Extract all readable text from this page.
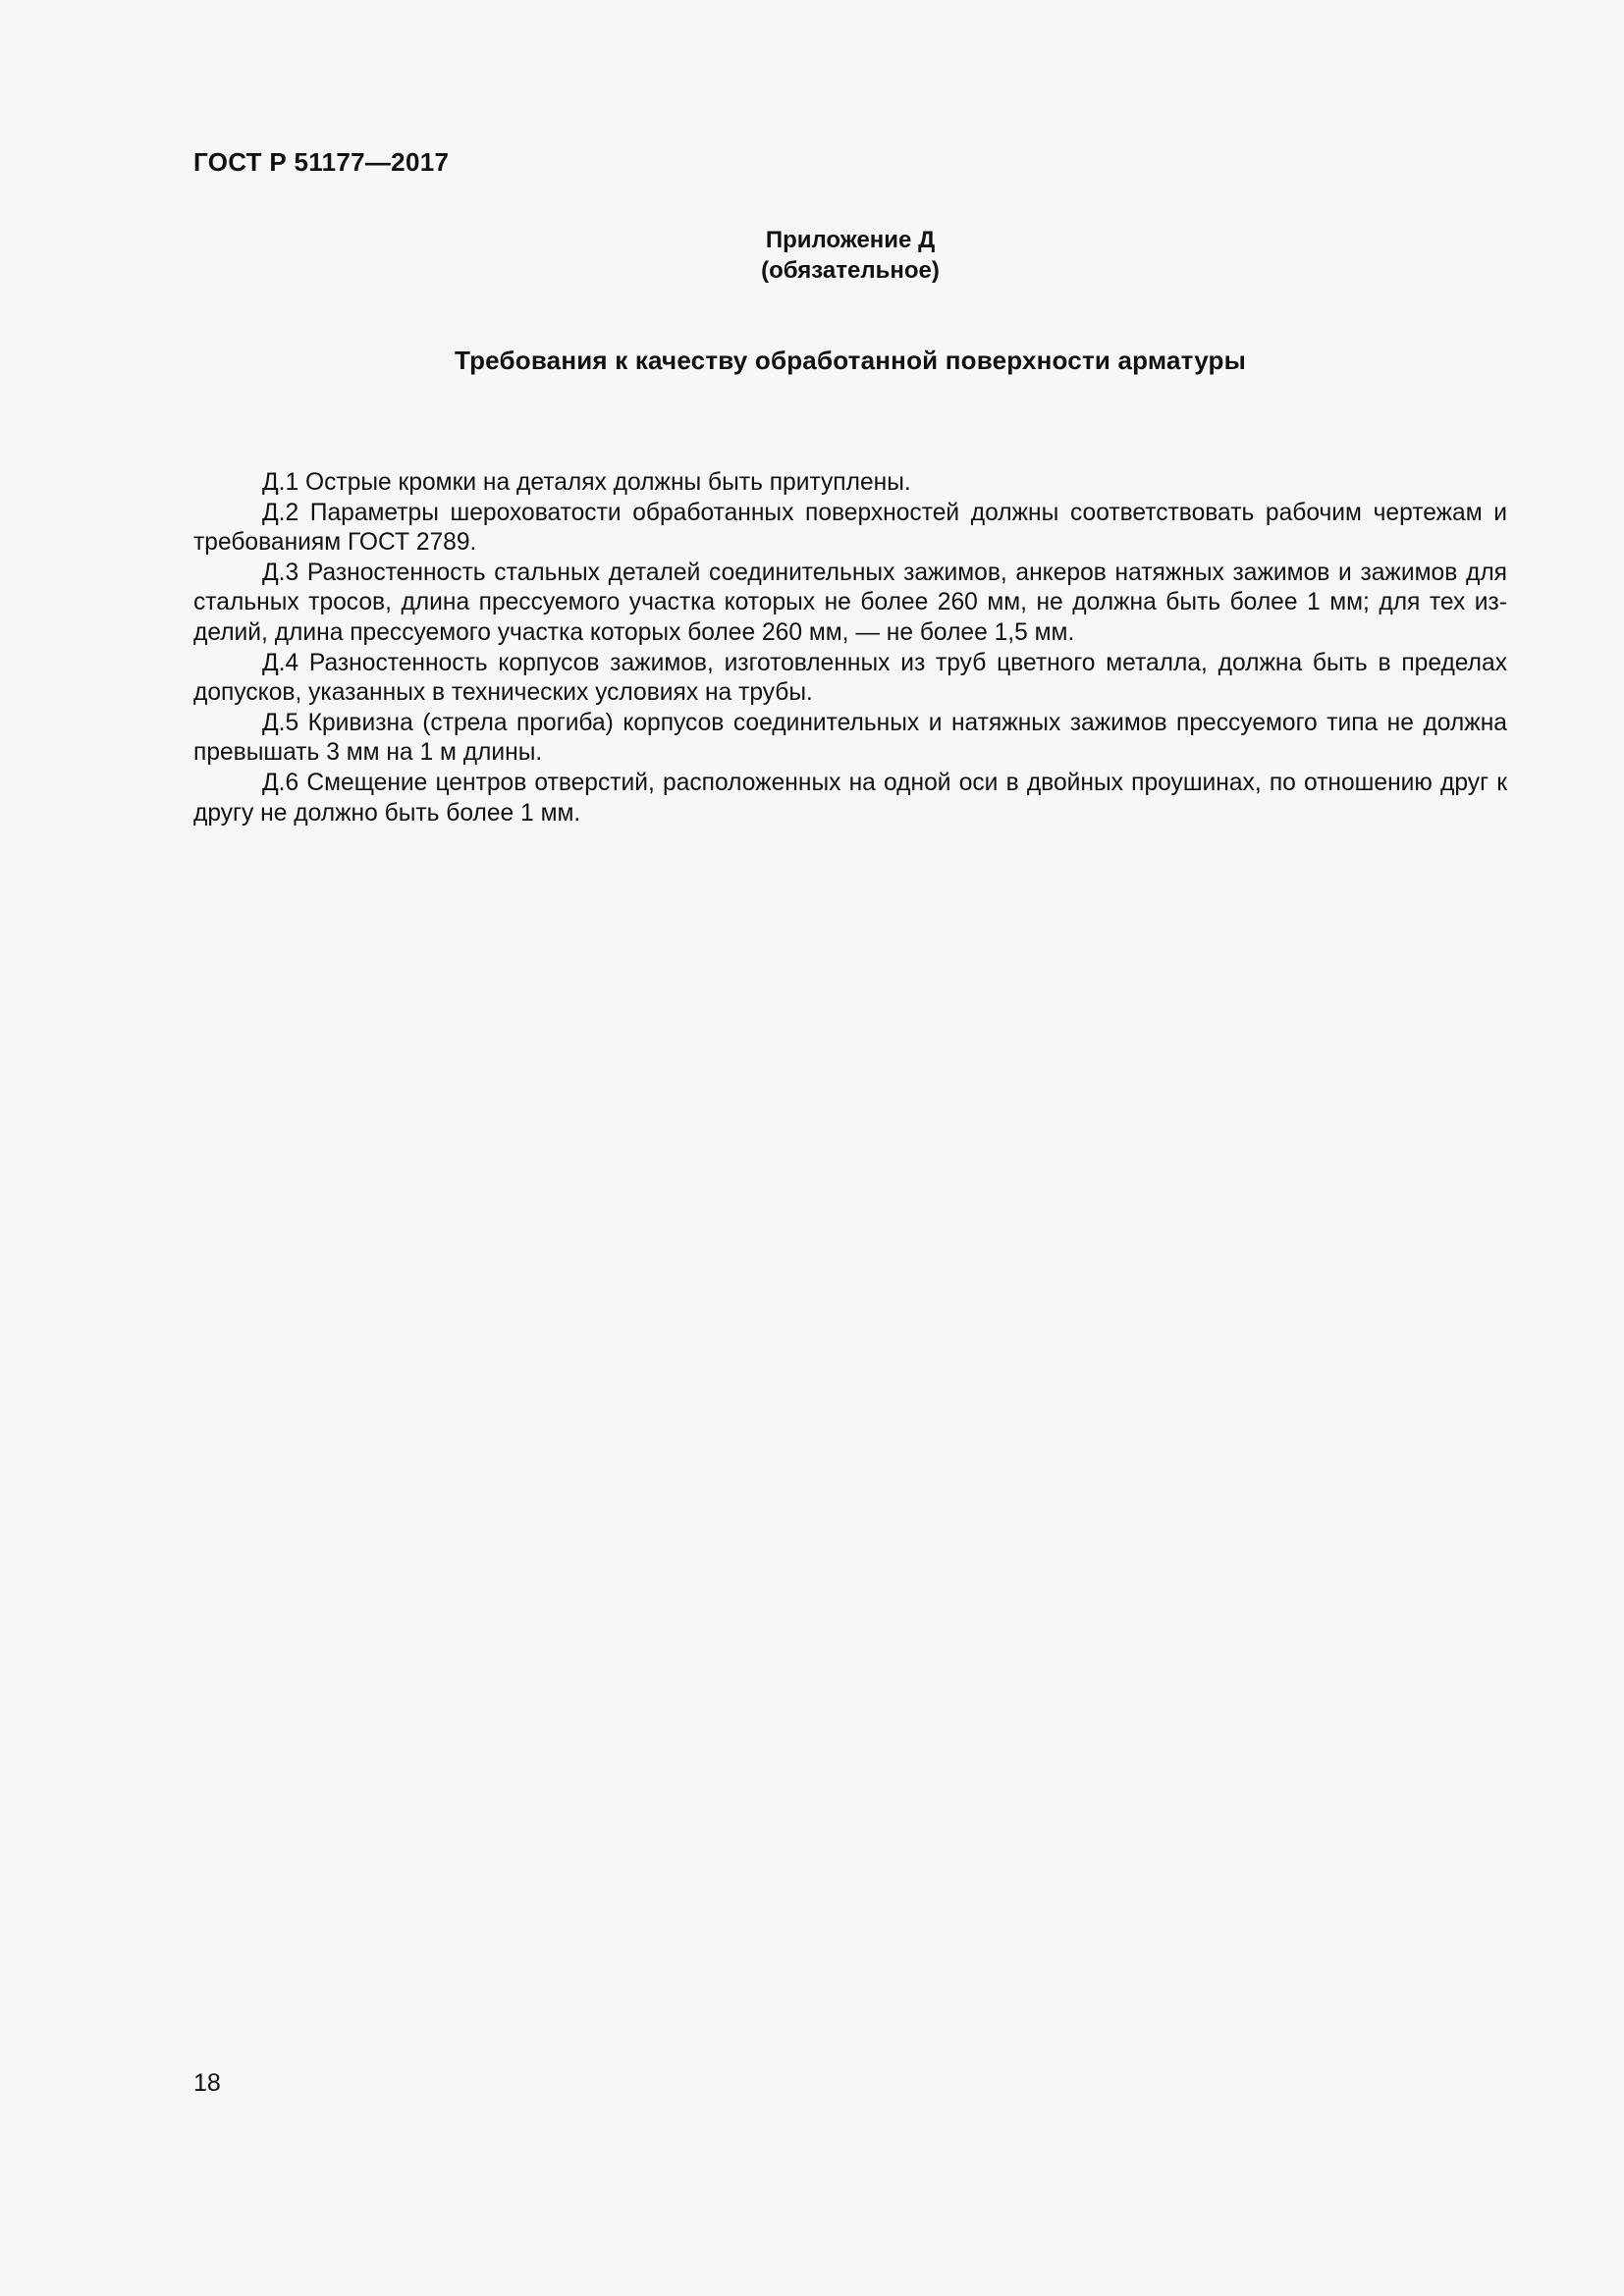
ГОСТ Р 51177—2017
Приложение Д
(обязательное)
Требования к качеству обработанной поверхности арматуры

Д.1 Острые кромки на деталях должны быть притуплены.

Д.2 Параметры шероховатости обработанных поверхностей должны соответствовать рабочим чертежам и требованиям ГОСТ 2789.

Д.3 Разностенность стальных деталей соединительных зажимов, анкеров натяжных зажимов и зажимов для стальных тросов, длина прессуемого участка которых не более 260 мм, не должна быть более 1 мм; для тех изделий, длина прессуемого участка которых более 260 мм, — не более 1,5 мм.

Д.4 Разностенность корпусов зажимов, изготовленных из труб цветного металла, должна быть в пределах допусков, указанных в технических условиях на трубы.

Д.5 Кривизна (стрела прогиба) корпусов соединительных и натяжных зажимов прессуемого типа не должна превышать 3 мм на 1 м длины.

Д.6 Смещение центров отверстий, расположенных на одной оси в двойных проушинах, по отношению друг к другу не должно быть более 1 мм.

18
